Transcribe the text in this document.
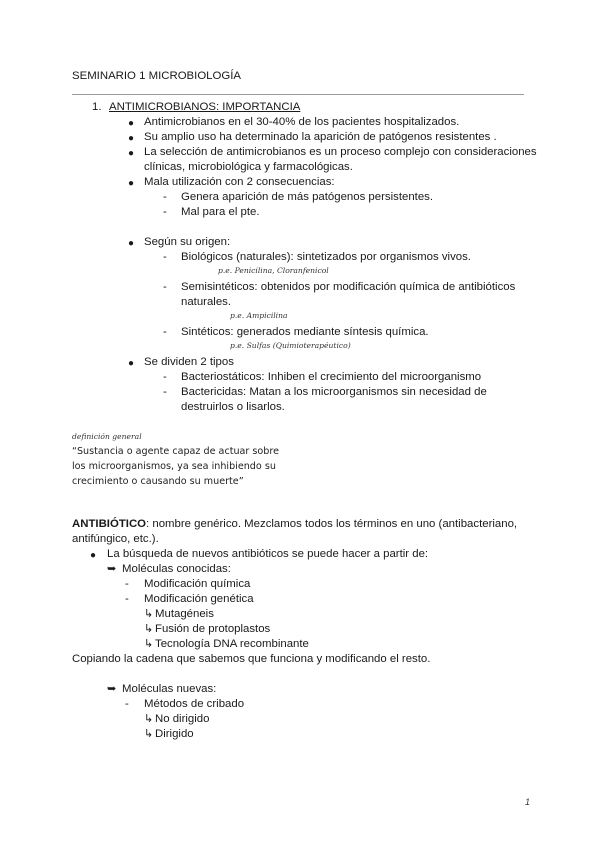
SEMINARIO 1 MICROBIOLOGÍA
1. ANTIMICROBIANOS: IMPORTANCIA
● Antimicrobianos en el 30-40% de los pacientes hospitalizados.
● Su amplio uso ha determinado la aparición de patógenos resistentes .
● La selección de antimicrobianos es un proceso complejo con consideraciones
clínicas, microbiológica y farmacológicas.
● Mala utilización con 2 consecuencias:
- Genera aparición de más patógenos persistentes.
- Mal para el pte.
● Según su origen:
- Biológicos (naturales): sintetizados por organismos vivos.
p.e. Penicilina, Cloranfenicol
- Semisintéticos: obtenidos por modificación química de antibióticos
naturales.
p.e. Ampicilina
- Sintéticos: generados mediante síntesis química.
p.e. Sulfas (Quimioterapéutico)
● Se dividen 2 tipos
- Bacteriostáticos: Inhiben el crecimiento del microorganismo
- Bactericidas: Matan a los microorganismos sin necesidad de
destruirlos o lisarlos.
definición general
“Sustancia o agente capaz de actuar sobre
los microorganismos, ya sea inhibiendo su
crecimiento o causando su muerte”
ANTIBIÓTICO: nombre genérico. Mezclamos todos los términos en uno (antibacteriano,
antifúngico, etc.).
● La búsqueda de nuevos antibióticos se puede hacer a partir de:
➥ Moléculas conocidas:
- Modificación química
- Modificación genética
↳ Mutagéneis
↳ Fusión de protoplastos
↳ Tecnología DNA recombinante
Copiando la cadena que sabemos que funciona y modificando el resto.
➥ Moléculas nuevas:
- Métodos de cribado
↳ No dirigido
↳ Dirigido
1
